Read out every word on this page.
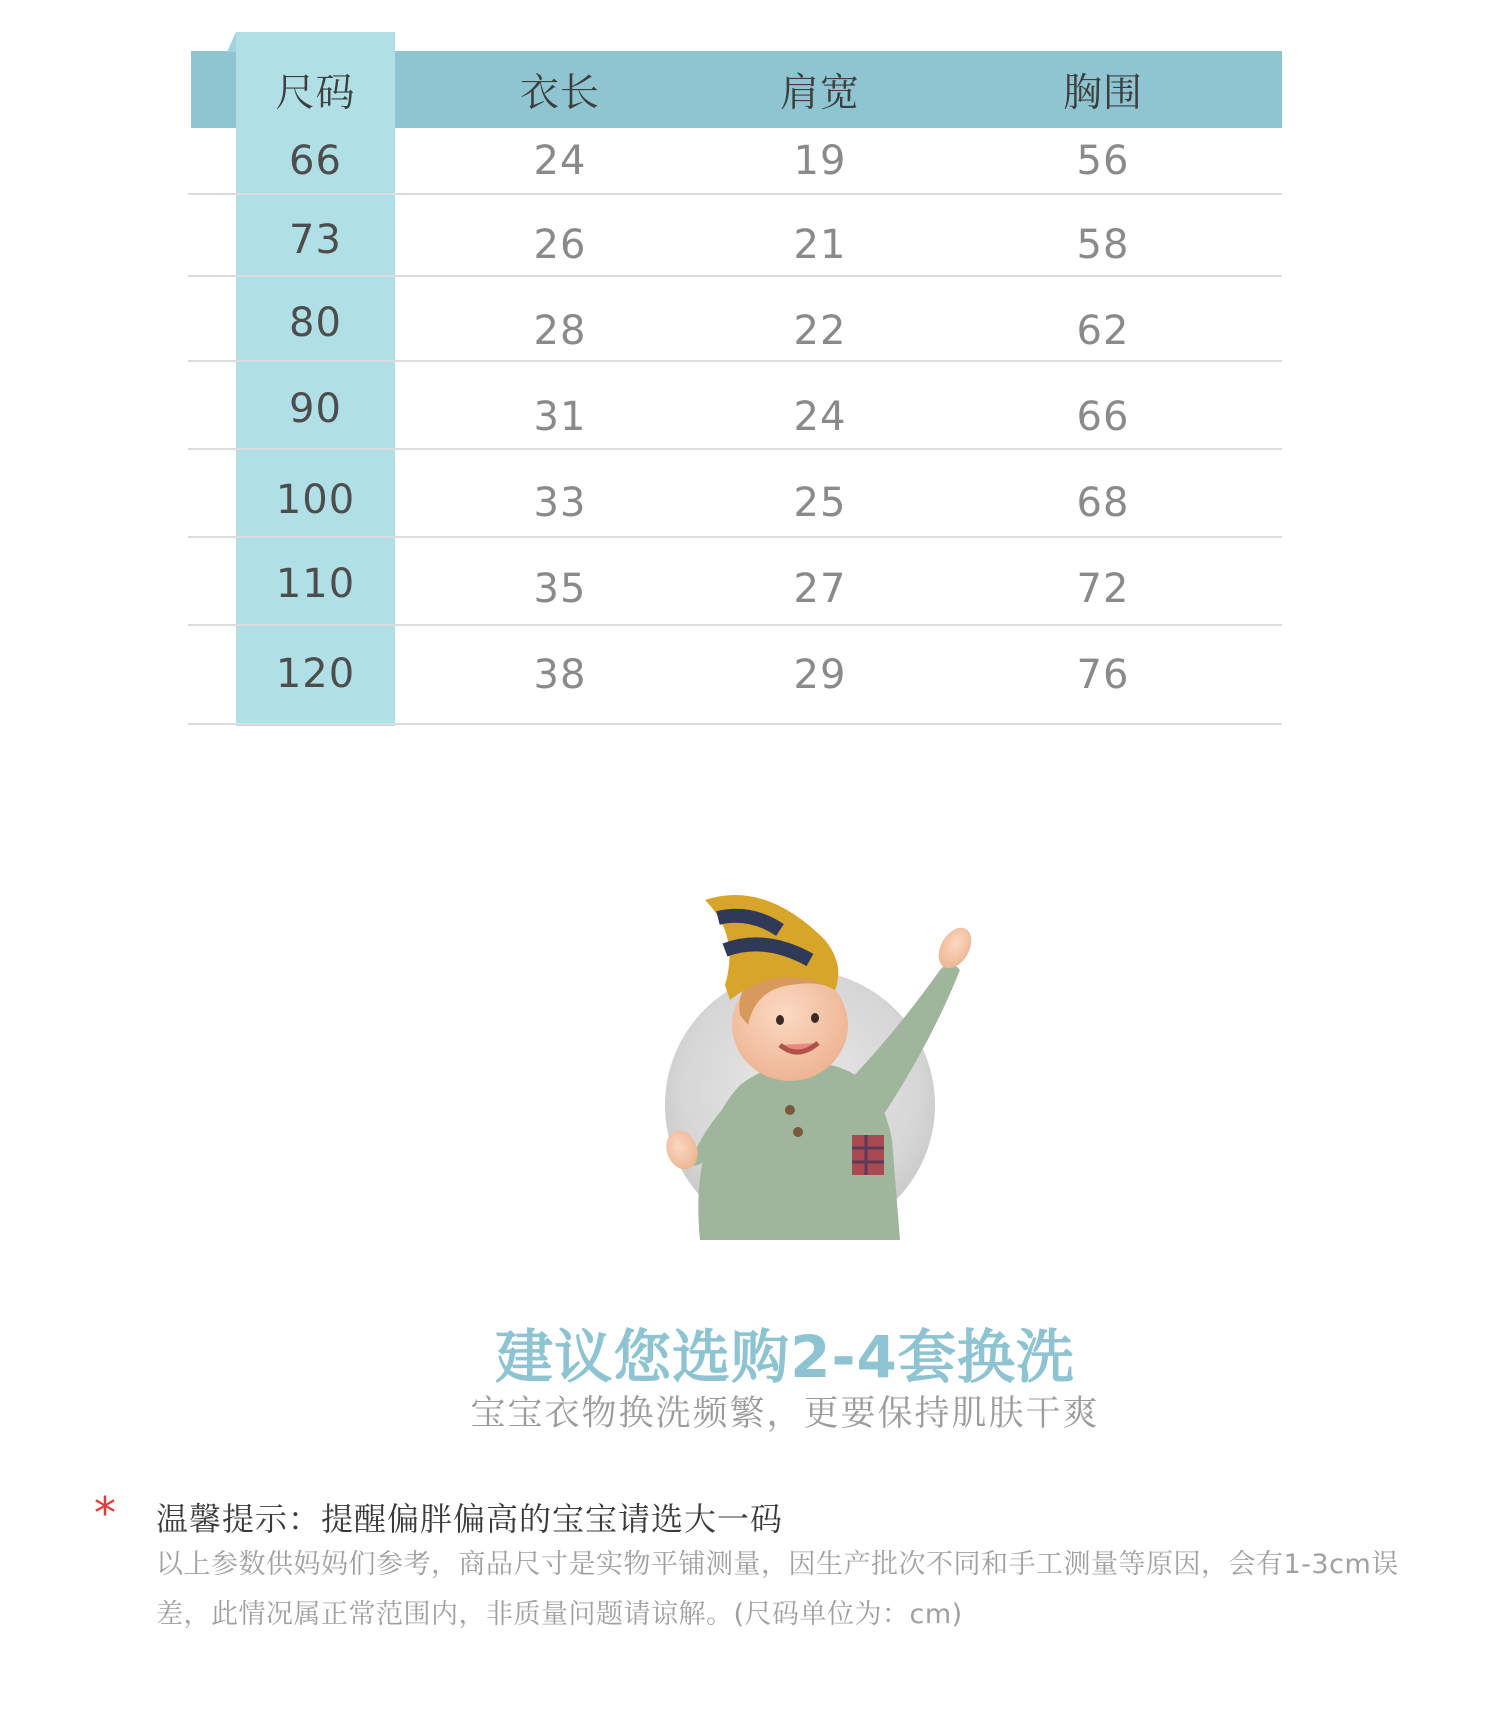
尺码	衣长	肩宽	胸围
66	24	19	56
73	26	21	58
80	28	22	62
90	31	24	66
100	33	25	68
110	35	27	72
120	38	29	76
建议您选购2-4套换洗
宝宝衣物换洗频繁，更要保持肌肤干爽
* 温馨提示：提醒偏胖偏高的宝宝请选大一码
以上参数供妈妈们参考，商品尺寸是实物平铺测量，因生产批次不同和手工测量等原因，会有1-3cm误差，此情况属正常范围内，非质量问题请谅解。(尺码单位为：cm)
